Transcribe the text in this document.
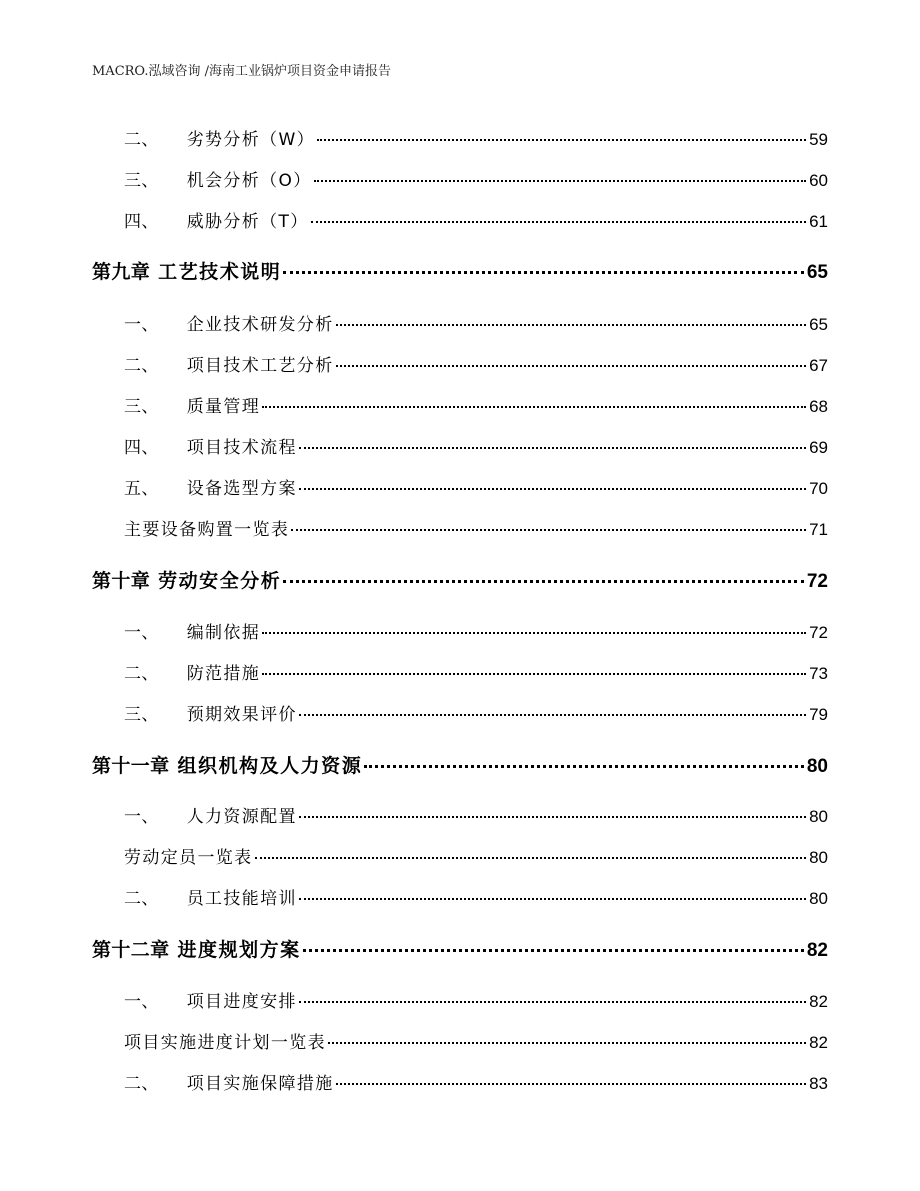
MACRO.泓域咨询 /海南工业锅炉项目资金申请报告
二、 劣势分析（W）	59
三、 机会分析（O）	60
四、 威胁分析（T）	61
第九章 工艺技术说明	65
一、 企业技术研发分析	65
二、 项目技术工艺分析	67
三、 质量管理	68
四、 项目技术流程	69
五、 设备选型方案	70
主要设备购置一览表	71
第十章 劳动安全分析	72
一、 编制依据	72
二、 防范措施	73
三、 预期效果评价	79
第十一章 组织机构及人力资源	80
一、 人力资源配置	80
劳动定员一览表	80
二、 员工技能培训	80
第十二章 进度规划方案	82
一、 项目进度安排	82
项目实施进度计划一览表	82
二、 项目实施保障措施	83
